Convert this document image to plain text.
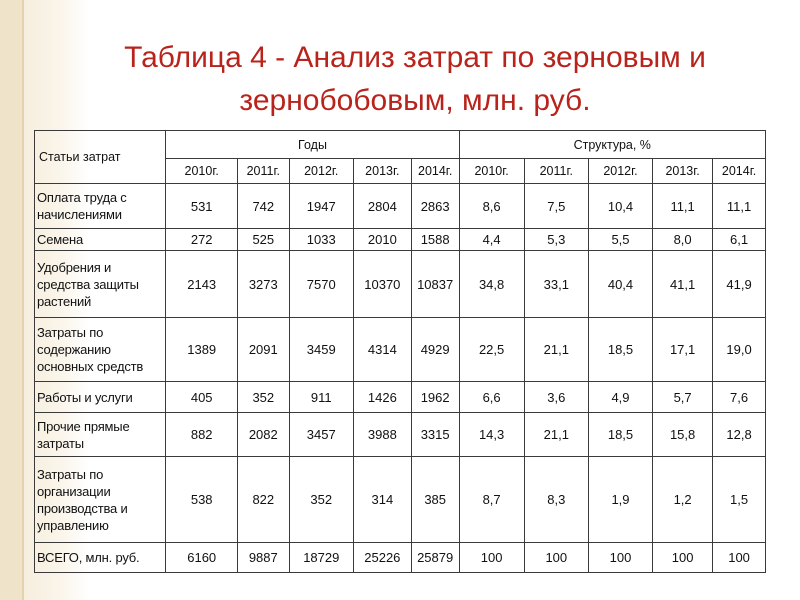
Таблица 4 - Анализ затрат по зерновым и
зернобобовым, млн. руб.
Статьи затрат	Годы					Структура, %				
	2010г.	2011г.	2012г.	2013г.	2014г.	2010г.	2011г.	2012г.	2013г.	2014г.
Оплата труда с начислениями	531	742	1947	2804	2863	8,6	7,5	10,4	11,1	11,1
Семена	272	525	1033	2010	1588	4,4	5,3	5,5	8,0	6,1
Удобрения и средства защиты растений	2143	3273	7570	10370	10837	34,8	33,1	40,4	41,1	41,9
Затраты по содержанию основных средств	1389	2091	3459	4314	4929	22,5	21,1	18,5	17,1	19,0
Работы и услуги	405	352	911	1426	1962	6,6	3,6	4,9	5,7	7,6
Прочие прямые затраты	882	2082	3457	3988	3315	14,3	21,1	18,5	15,8	12,8
Затраты по организации производства и управлению	538	822	352	314	385	8,7	8,3	1,9	1,2	1,5
ВСЕГО, млн. руб.	6160	9887	18729	25226	25879	100	100	100	100	100
